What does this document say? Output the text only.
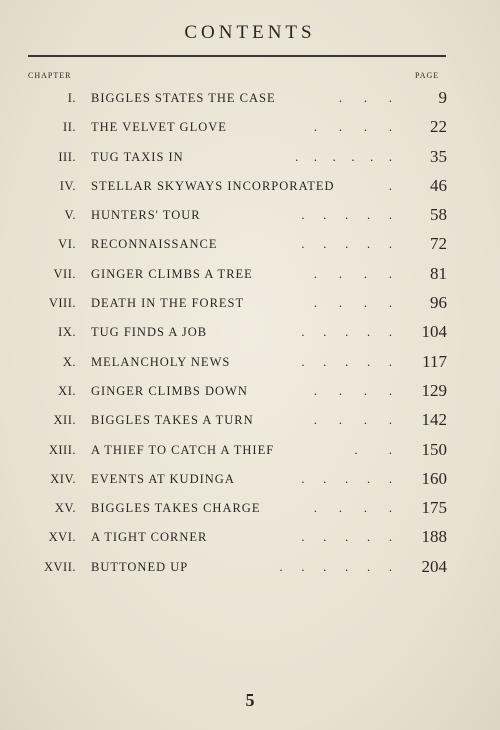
CONTENTS
CHAPTER	PAGE
I. BIGGLES STATES THE CASE	.       .       .	9
II. THE VELVET GLOVE	.       .       .       . 22
III. TUG TAXIS IN	.     .     .     .     .     . 35
IV. STELLAR SKYWAYS INCORPORATED	. 46
V. HUNTERS' TOUR	.      .      .      .      . 58
VI. RECONNAISSANCE	.      .      .      .      . 72
VII. GINGER CLIMBS A TREE	.       .       .       . 81
VIII. DEATH IN THE FOREST	.       .       .       . 96
IX. TUG FINDS A JOB	.      .      .      .      . 104
X. MELANCHOLY NEWS	.      .      .      .      . 117
XI. GINGER CLIMBS DOWN	.       .       .       . 129
XII. BIGGLES TAKES A TURN	.       .       .       . 142
XIII. A THIEF TO CATCH A THIEF	.          . 150
XIV. EVENTS AT KUDINGA	.      .      .      .      . 160
XV. BIGGLES TAKES CHARGE	.       .       .       . 175
XVI. A TIGHT CORNER	.      .      .      .      . 188
XVII. BUTTONED UP	.      .      .      .      .      . 204
5
